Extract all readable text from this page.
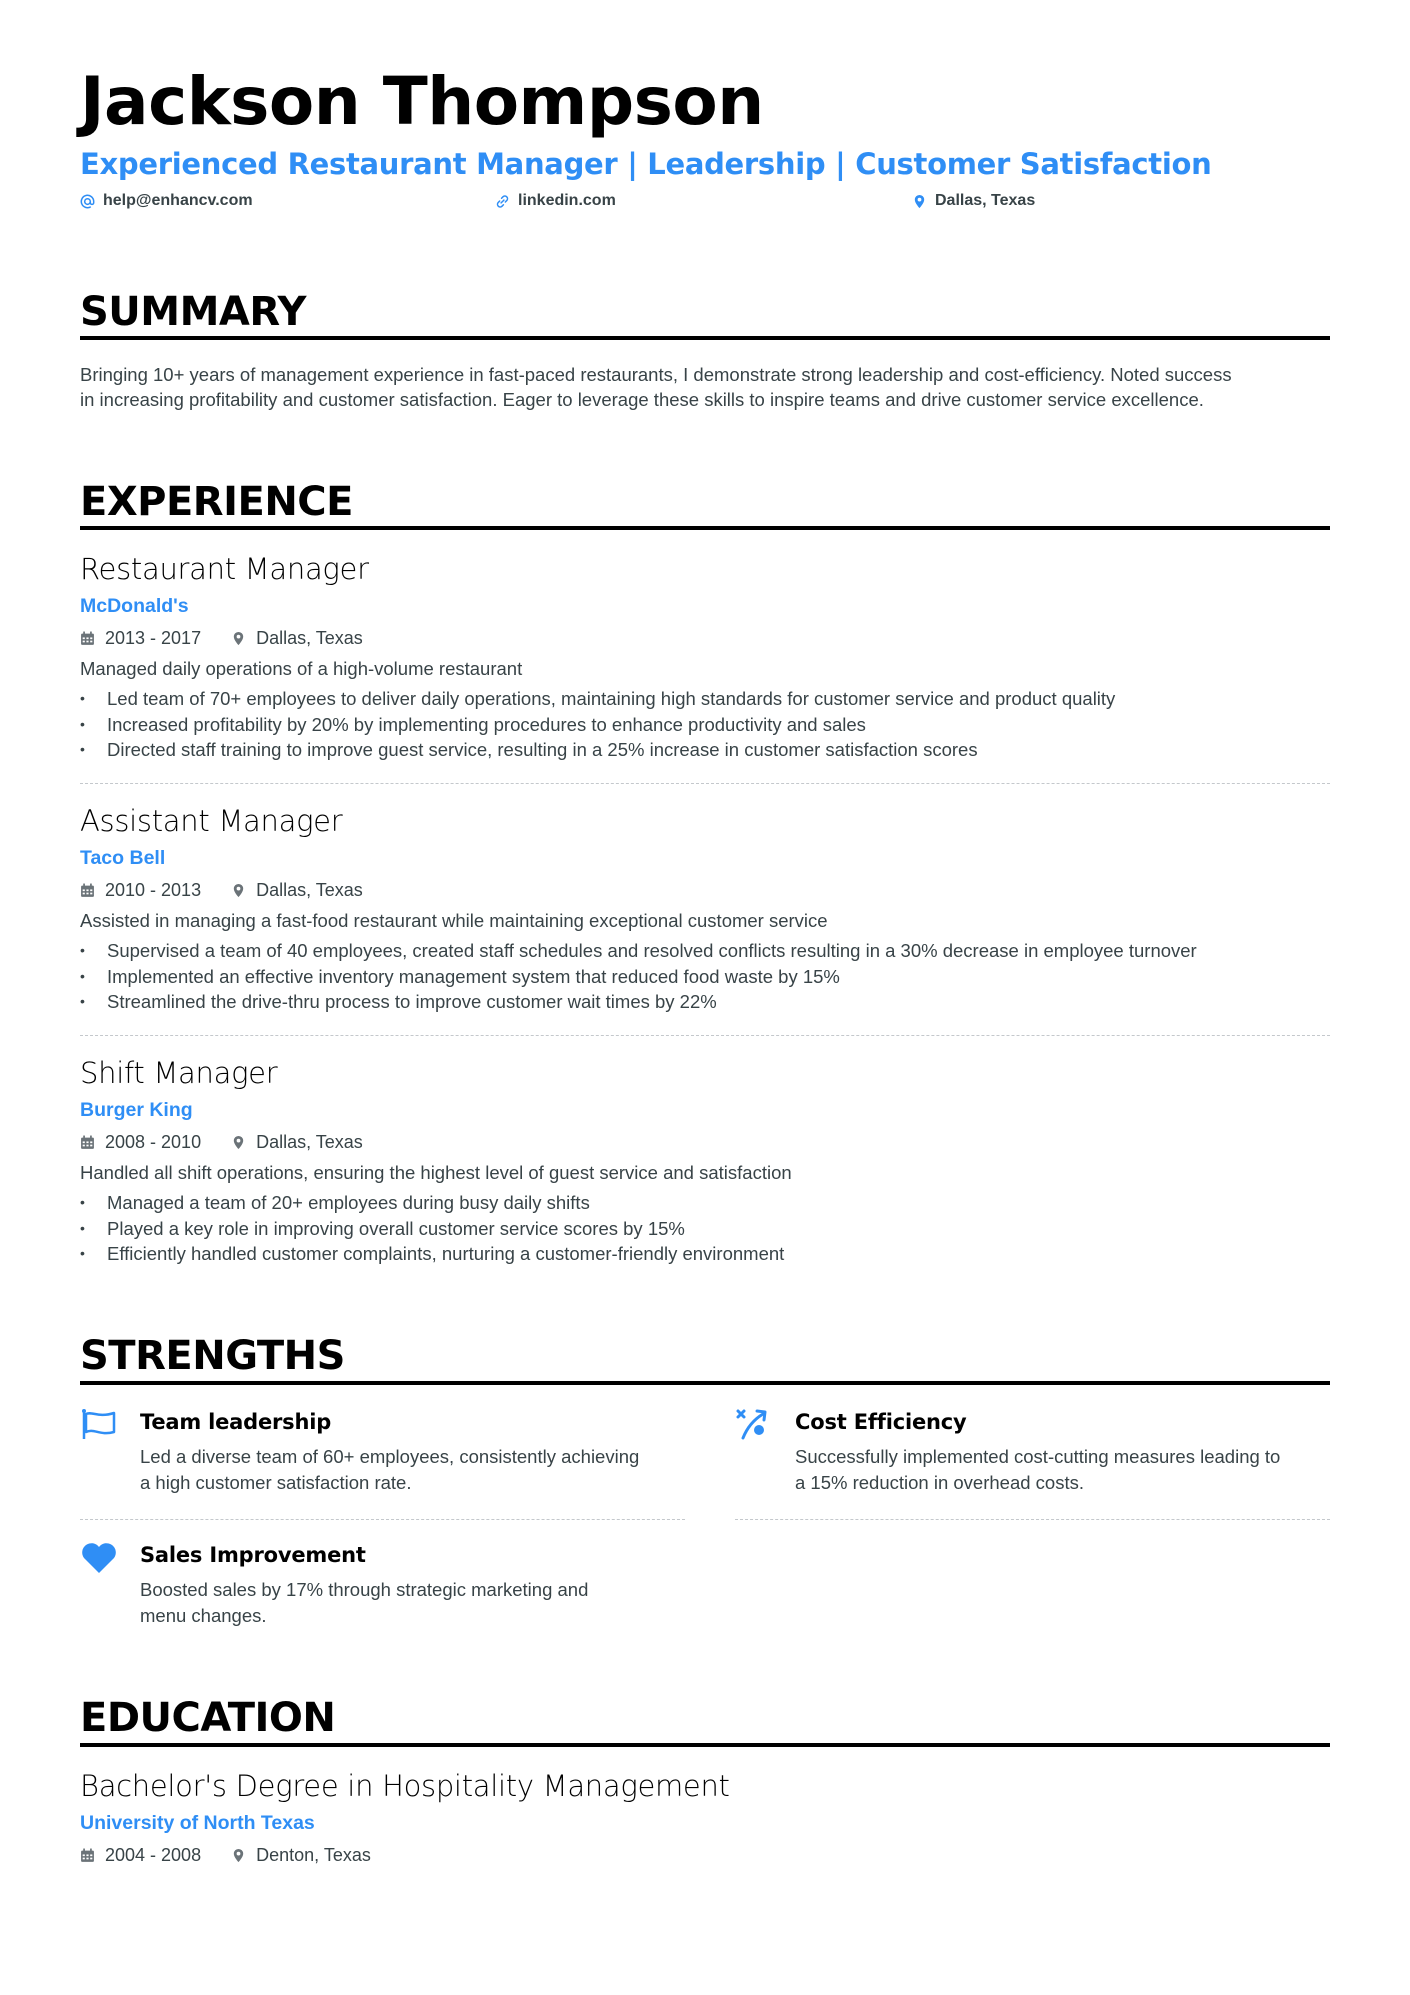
Jackson Thompson
Experienced Restaurant Manager | Leadership | Customer Satisfaction
help@enhancv.com	linkedin.com	Dallas, Texas
SUMMARY
Bringing 10+ years of management experience in fast-paced restaurants, I demonstrate strong leadership and cost-efficiency. Noted success
in increasing profitability and customer satisfaction. Eager to leverage these skills to inspire teams and drive customer service excellence.
EXPERIENCE
Restaurant Manager
McDonald's
2013 - 2017	Dallas, Texas
Managed daily operations of a high-volume restaurant
• Led team of 70+ employees to deliver daily operations, maintaining high standards for customer service and product quality
• Increased profitability by 20% by implementing procedures to enhance productivity and sales
• Directed staff training to improve guest service, resulting in a 25% increase in customer satisfaction scores
Assistant Manager
Taco Bell
2010 - 2013	Dallas, Texas
Assisted in managing a fast-food restaurant while maintaining exceptional customer service
• Supervised a team of 40 employees, created staff schedules and resolved conflicts resulting in a 30% decrease in employee turnover
• Implemented an effective inventory management system that reduced food waste by 15%
• Streamlined the drive-thru process to improve customer wait times by 22%
Shift Manager
Burger King
2008 - 2010	Dallas, Texas
Handled all shift operations, ensuring the highest level of guest service and satisfaction
• Managed a team of 20+ employees during busy daily shifts
• Played a key role in improving overall customer service scores by 15%
• Efficiently handled customer complaints, nurturing a customer-friendly environment
STRENGTHS
Team leadership
Led a diverse team of 60+ employees, consistently achieving
a high customer satisfaction rate.
Cost Efficiency
Successfully implemented cost-cutting measures leading to
a 15% reduction in overhead costs.
Sales Improvement
Boosted sales by 17% through strategic marketing and
menu changes.
EDUCATION
Bachelor's Degree in Hospitality Management
University of North Texas
2004 - 2008	Denton, Texas
